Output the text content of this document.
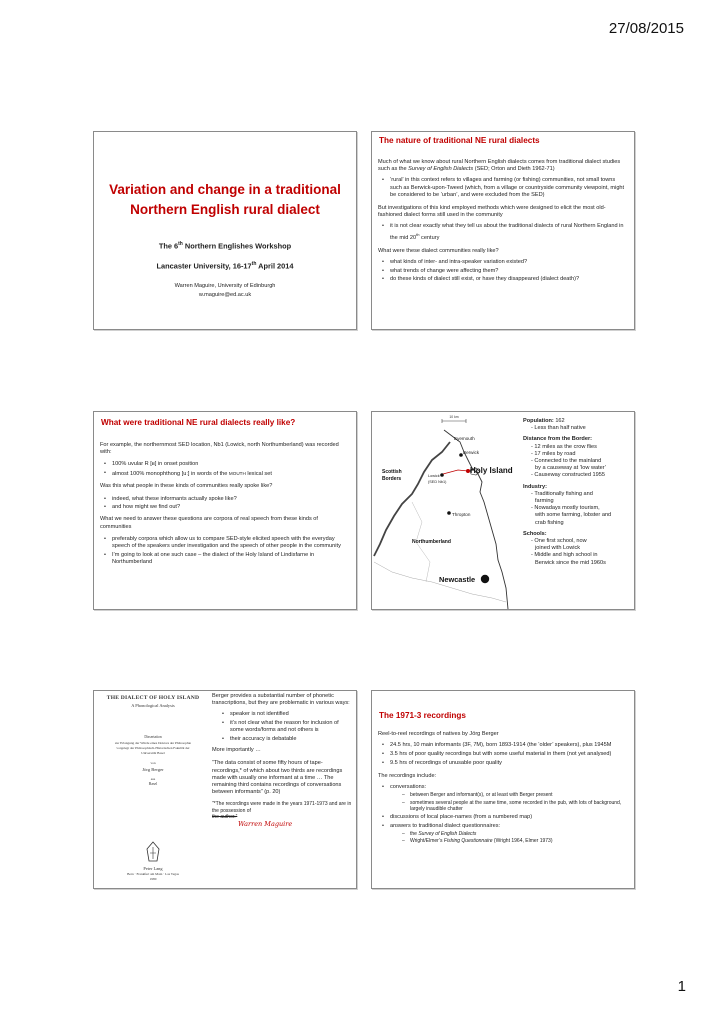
27/08/2015
Variation and change in a traditional
Northern English rural dialect
The 6th Northern Englishes Workshop
Lancaster University, 16-17th April 2014
Warren Maguire, University of Edinburgh
w.maguire@ed.ac.uk
The nature of traditional NE rural dialects

Much of what we know about rural Northern English dialects comes from traditional dialect studies such as the Survey of English Dialects (SED; Orton and Dieth 1962-71)

• ‘rural’ in this context refers to villages and farming (or fishing) communities, not small towns such as Berwick-upon-Tweed (which, from a village or countryside community viewpoint, might be considered to be ‘urban’, and were excluded from the SED)

But investigations of this kind employed methods which were designed to elicit the most old-fashioned dialect forms still used in the community

• it is not clear exactly what they tell us about the traditional dialects of rural Northern England in the mid 20th century

What were these dialect communities really like?

• what kinds of inter- and intra-speaker variation existed?
• what trends of change were affecting them?
• do these kinds of dialect still exist, or have they disappeared (dialect death)?
What were traditional NE rural dialects really like?

For example, the northernmost SED location, Nb1 (Lowick, north Northumberland) was recorded with:

• 100% uvular R [ʁ] in onset position
• almost 100% monophthong [uː] in words of the MOUTH lexical set

Was this what people in these kinds of communities really spoke like?

• indeed, what these informants actually spoke like?
• and how might we find out?

What we need to answer these questions are corpora of real speech from these kinds of communities

• preferably corpora which allow us to compare SED-style elicited speech with the everyday speech of the speakers under investigation and the speech of other people in the community
• I’m going to look at one such case – the dialect of the Holy Island of Lindisfarne in Northumberland
10 km
Eyemouth
Berwick
Lowick
(SED Nb1)
Holy Island
Scottish
Borders
Thropton
Northumberland
Newcastle
Population: 162
- Less than half native
Distance from the Border:
- 12 miles as the crow flies
- 17 miles by road
- Connected to the mainland
by a causeway at ‘low water’
- Causeway constructed 1955
Industry:
- Traditionally fishing and
farming
- Nowadays mostly tourism,
with some farming, lobster and
crab fishing
Schools:
- One first school, now
joined with Lowick
- Middle and high school in
Berwick since the mid 1960s
THE DIALECT OF HOLY ISLAND
A Phonological Analysis
Dissertation
zur Erlangung der Würde eines Doktors der Philosophie
vorgelegt der Philosophisch-Historischen Fakultät der
Universität Basel
von
Jörg Berger
aus
Basel
Peter Lang
Bern · Frankfurt am Main · Las Vegas
1980

Berger provides a substantial number of phonetic transcriptions, but they are problematic in various ways:

• speaker is not identified
• it’s not clear what the reason for inclusion of some words/forms and not others is
• their accuracy is debatable

More importantly …

“The data consist of some fifty hours of tape-recordings,* of which about two thirds are recordings made with usually one informant at a time … The remaining third contains recordings of conversations between informants” (p. 20)

“*The recordings were made in the years 1971-1973 and are in the possession of

the author.”

Warren Maguire

The 1971-3 recordings

Reel-to-reel recordings of natives by Jörg Berger

• 24.5 hrs, 10 main informants (3F, 7M), born 1893-1914 (the ‘older’ speakers), plus 1945M
• 3.5 hrs of poor quality recordings but with some useful material in them (not yet analysed)
• 9.5 hrs of recordings of unusable poor quality

The recordings include:

• conversations:
– between Berger and informant(s), or at least with Berger present
– sometimes several people at the same time, some recorded in the pub, with lots of background, largely inaudible chatter
• discussions of local place-names (from a numbered map)
• answers to traditional dialect questionnaires:
– the Survey of English Dialects
– Wright/Elmer’s Fishing Questionnaire (Wright 1964, Elmer 1973)
1
